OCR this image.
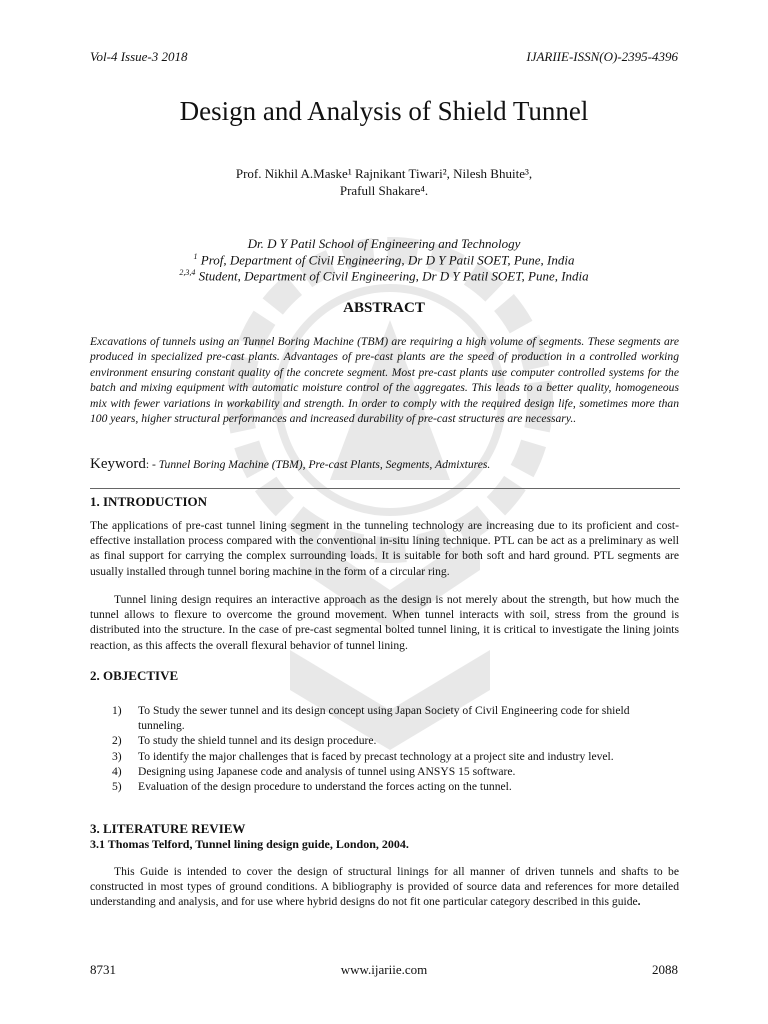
Vol-4 Issue-3 2018	IJARIIE-ISSN(O)-2395-4396
Design and Analysis of Shield Tunnel
Prof. Nikhil A.Maske¹ Rajnikant Tiwari², Nilesh Bhuite³,
Prafull Shakare⁴.
Dr. D Y Patil School of Engineering and Technology
$^1$ Prof, Department of Civil Engineering, Dr D Y Patil SOET, Pune, India
$^{2,3,4}$ Student, Department of Civil Engineering, Dr D Y Patil SOET, Pune, India
ABSTRACT
Excavations of tunnels using an Tunnel Boring Machine (TBM) are requiring a high volume of segments. These segments are produced in specialized pre-cast plants. Advantages of pre-cast plants are the speed of production in a controlled working environment ensuring constant quality of the concrete segment. Most pre-cast plants use computer controlled systems for the batch and mixing equipment with automatic moisture control of the aggregates. This leads to a better quality, homogeneous mix with fewer variations in workability and strength. In order to comply with the required design life, sometimes more than 100 years, higher structural performances and increased durability of pre-cast structures are necessary..
Keyword: - Tunnel Boring Machine (TBM), Pre-cast Plants, Segments, Admixtures.
1. INTRODUCTION
The applications of pre-cast tunnel lining segment in the tunneling technology are increasing due to its proficient and cost-effective installation process compared with the conventional in-situ lining technique. PTL can be act as a preliminary as well as final support for carrying the complex surrounding loads. It is suitable for both soft and hard ground. PTL segments are usually installed through tunnel boring machine in the form of a circular ring.
Tunnel lining design requires an interactive approach as the design is not merely about the strength, but how much the tunnel allows to flexure to overcome the ground movement. When tunnel interacts with soil, stress from the ground is distributed into the structure. In the case of pre-cast segmental bolted tunnel lining, it is critical to investigate the lining joints reaction, as this affects the overall flexural behavior of tunnel lining.
2. OBJECTIVE
1) To Study the sewer tunnel and its design concept using Japan Society of Civil Engineering code for shield tunneling.
2) To study the shield tunnel and its design procedure.
3) To identify the major challenges that is faced by precast technology at a project site and industry level.
4) Designing using Japanese code and analysis of tunnel using ANSYS 15 software.
5) Evaluation of the design procedure to understand the forces acting on the tunnel.
3. LITERATURE REVIEW
3.1 Thomas Telford, Tunnel lining design guide, London, 2004.
This Guide is intended to cover the design of structural linings for all manner of driven tunnels and shafts to be constructed in most types of ground conditions. A bibliography is provided of source data and references for more detailed understanding and analysis, and for use where hybrid designs do not fit one particular category described in this guide.
8731	www.ijariie.com	2088
